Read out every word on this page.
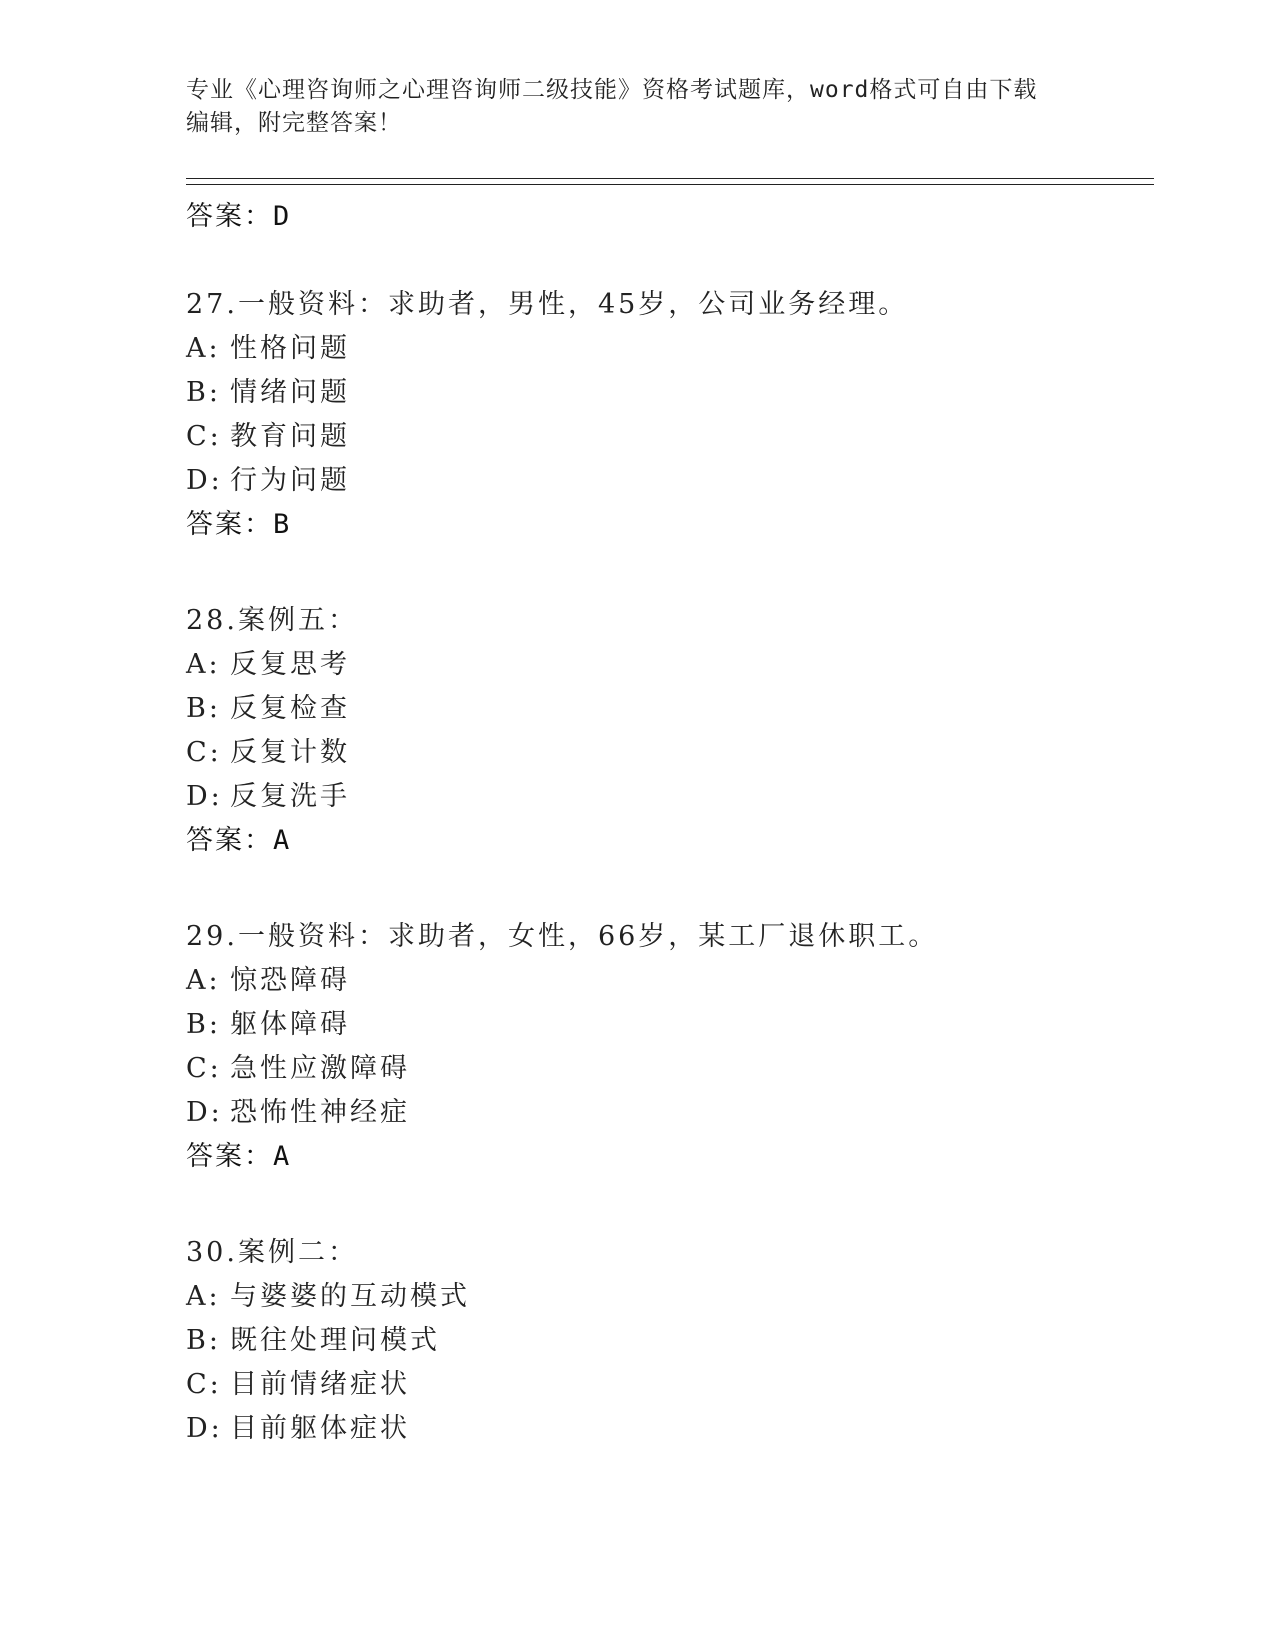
专业《心理咨询师之心理咨询师二级技能》资格考试题库，word格式可自由下载
编辑，附完整答案！
答案：D
27.一般资料：求助者，男性，45岁，公司业务经理。
A: 性格问题
B: 情绪问题
C: 教育问题
D: 行为问题
答案：B
28.案例五：
A: 反复思考
B: 反复检查
C: 反复计数
D: 反复洗手
答案：A
29.一般资料：求助者，女性，66岁，某工厂退休职工。
A: 惊恐障碍
B: 躯体障碍
C: 急性应激障碍
D: 恐怖性神经症
答案：A
30.案例二：
A: 与婆婆的互动模式
B: 既往处理问模式
C: 目前情绪症状
D: 目前躯体症状
